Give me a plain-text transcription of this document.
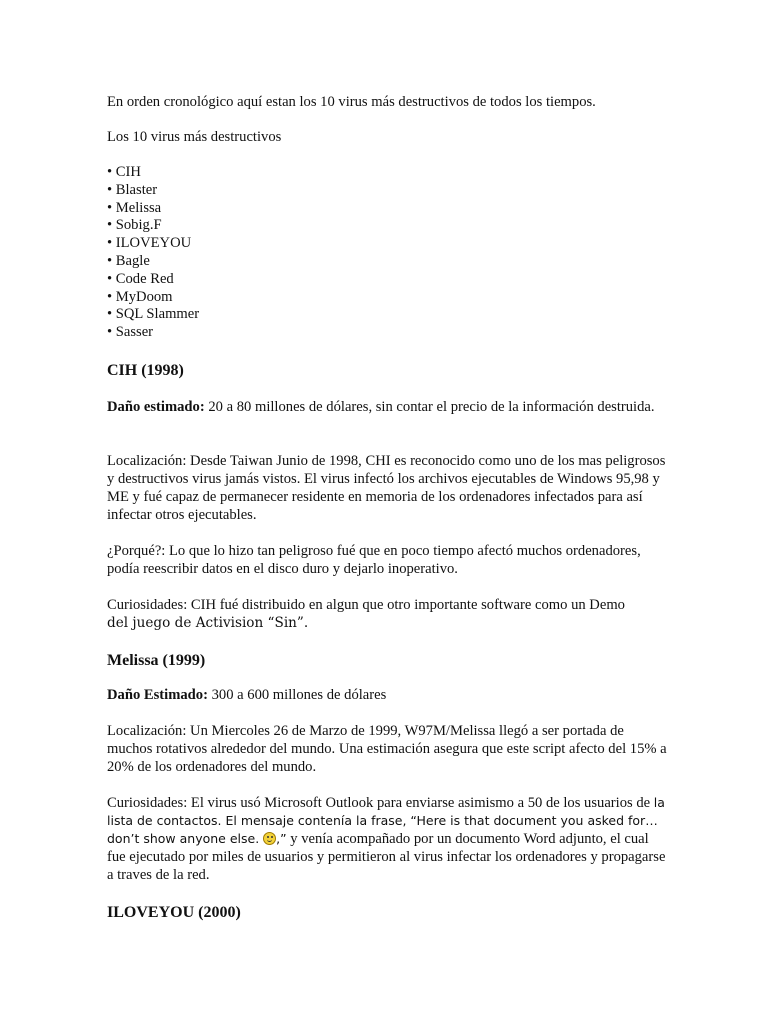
En orden cronológico aquí estan los 10 virus más destructivos de todos los tiempos.

Los 10 virus más destructivos

• CIH
• Blaster
• Melissa
• Sobig.F
• ILOVEYOU
• Bagle
• Code Red
• MyDoom
• SQL Slammer
• Sasser

CIH (1998)

Daño estimado: 20 a 80 millones de dólares, sin contar el precio de la información destruida.

Localización: Desde Taiwan Junio de 1998, CHI es reconocido como uno de los mas peligrosos y destructivos virus jamás vistos. El virus infectó los archivos ejecutables de Windows 95,98 y ME y fué capaz de permanecer residente en memoria de los ordenadores infectados para así infectar otros ejecutables.

¿Porqué?: Lo que lo hizo tan peligroso fué que en poco tiempo afectó muchos ordenadores, podía reescribir datos en el disco duro y dejarlo inoperativo.

Curiosidades: CIH fué distribuido en algun que otro importante software como un Demo

del juego de Activision “Sin”.

Melissa (1999)

Daño Estimado: 300 a 600 millones de dólares

Localización: Un Miercoles 26 de Marzo de 1999, W97M/Melissa llegó a ser portada de muchos rotativos alrededor del mundo. Una estimación asegura que este script afecto del 15% a 20% de los ordenadores del mundo.

Curiosidades: El virus usó Microsoft Outlook para enviarse asimismo a 50 de los usuarios de la lista de contactos. El mensaje contenía la frase, “Here is that document you asked for…don’t show anyone else. ,” y venía acompañado por un documento Word adjunto, el cual fue ejecutado por miles de usuarios y permitieron al virus infectar los ordenadores y propagarse a traves de la red.

ILOVEYOU (2000)
